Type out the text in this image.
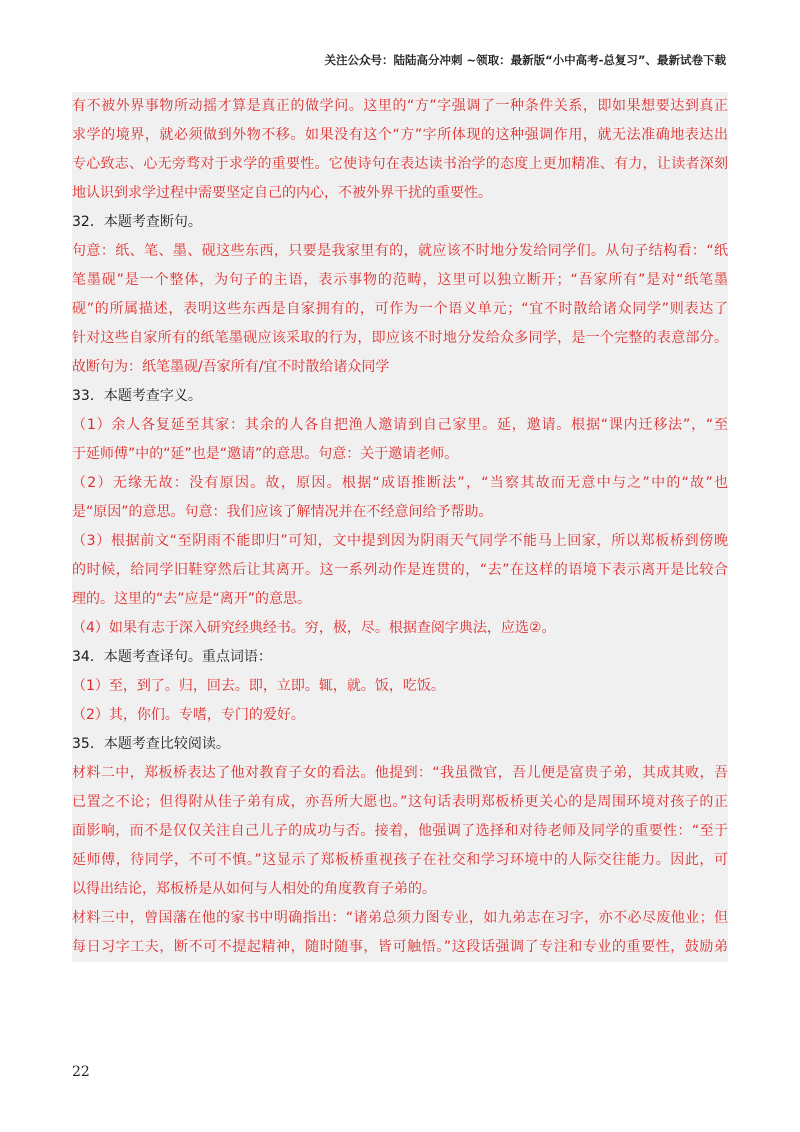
关注公众号：陆陆高分冲刺 ~领取：最新版“小中高考-总复习”、最新试卷下载
有不被外界事物所动摇才算是真正的做学问。这里的“方”字强调了一种条件关系，即如果想要达到真正
求学的境界，就必须做到外物不移。如果没有这个“方”字所体现的这种强调作用，就无法准确地表达出
专心致志、心无旁骛对于求学的重要性。它使诗句在表达读书治学的态度上更加精准、有力，让读者深刻
地认识到求学过程中需要坚定自己的内心，不被外界干扰的重要性。
32．本题考查断句。
句意：纸、笔、墨、砚这些东西，只要是我家里有的，就应该不时地分发给同学们。从句子结构看：“纸
笔墨砚”是一个整体，为句子的主语，表示事物的范畴，这里可以独立断开；“吾家所有”是对“纸笔墨
砚”的所属描述，表明这些东西是自家拥有的，可作为一个语义单元；“宜不时散给诸众同学”则表达了
针对这些自家所有的纸笔墨砚应该采取的行为，即应该不时地分发给众多同学，是一个完整的表意部分。
故断句为：纸笔墨砚/吾家所有/宜不时散给诸众同学
33．本题考查字义。
（1）余人各复延至其家：其余的人各自把渔人邀请到自己家里。延，邀请。根据“课内迁移法”，“至
于延师傅”中的“延”也是“邀请”的意思。句意：关于邀请老师。
（2）无缘无故：没有原因。故，原因。根据“成语推断法”，“当察其故而无意中与之”中的“故”也
是“原因”的意思。句意：我们应该了解情况并在不经意间给予帮助。
（3）根据前文“至阴雨不能即归”可知，文中提到因为阴雨天气同学不能马上回家，所以郑板桥到傍晚
的时候，给同学旧鞋穿然后让其离开。这一系列动作是连贯的，“去”在这样的语境下表示离开是比较合
理的。这里的“去”应是“离开”的意思。
（4）如果有志于深入研究经典经书。穷，极，尽。根据查阅字典法，应选②。
34．本题考查译句。重点词语：
（1）至，到了。归，回去。即，立即。辄，就。饭，吃饭。
（2）其，你们。专嗜，专门的爱好。
35．本题考查比较阅读。
材料二中，郑板桥表达了他对教育子女的看法。他提到：“我虽微官，吾儿便是富贵子弟，其成其败，吾
已置之不论；但得附从佳子弟有成，亦吾所大愿也。”这句话表明郑板桥更关心的是周围环境对孩子的正
面影响，而不是仅仅关注自己儿子的成功与否。接着，他强调了选择和对待老师及同学的重要性：“至于
延师傅，待同学，不可不慎。”这显示了郑板桥重视孩子在社交和学习环境中的人际交往能力。因此，可
以得出结论，郑板桥是从如何与人相处的角度教育子弟的。
材料三中，曾国藩在他的家书中明确指出：“诸弟总须力图专业，如九弟志在习字，亦不必尽废他业；但
每日习字工夫，断不可不提起精神，随时随事，皆可触悟。”这段话强调了专注和专业的重要性，鼓励弟
22
